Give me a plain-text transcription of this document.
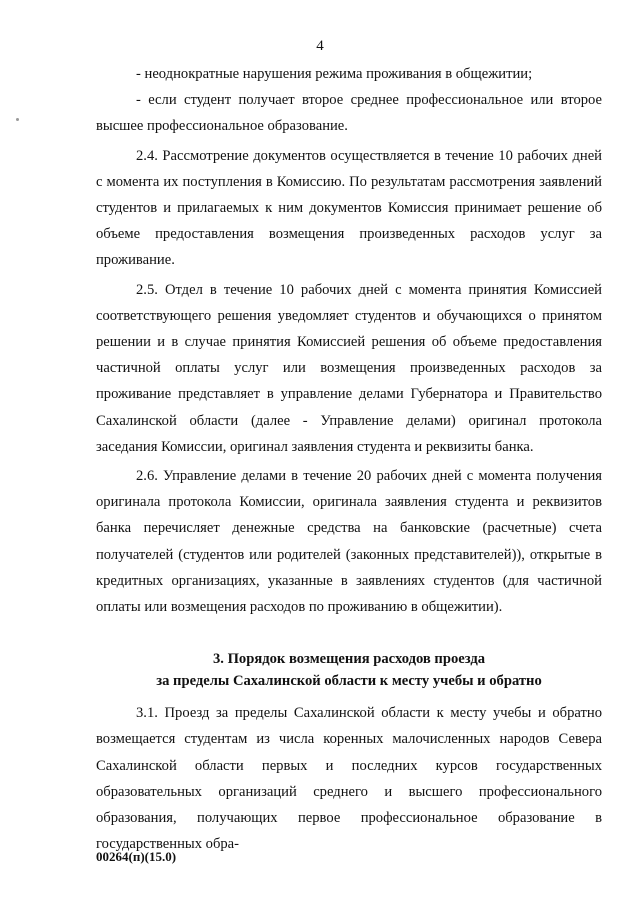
4

- неоднократные нарушения режима проживания в общежитии;

- если студент получает второе среднее профессиональное или второе высшее профессиональное образование.

2.4. Рассмотрение документов осуществляется в течение 10 рабочих дней с момента их поступления в Комиссию. По результатам рассмотрения заявлений студентов и прилагаемых к ним документов Комиссия принимает решение об объеме предоставления возмещения произведенных расходов услуг за проживание.

2.5. Отдел в течение 10 рабочих дней с момента принятия Комиссией соответствующего решения уведомляет студентов и обучающихся о принятом решении и в случае принятия Комиссией решения об объеме предоставления частичной оплаты услуг или возмещения произведенных расходов за проживание представляет в управление делами Губернатора и Правительство Сахалинской области (далее - Управление делами) оригинал протокола заседания Комиссии, оригинал заявления студента и реквизиты банка.

2.6. Управление делами в течение 20 рабочих дней с момента получения оригинала протокола Комиссии, оригинала заявления студента и реквизитов банка перечисляет денежные средства на банковские (расчетные) счета получателей (студентов или родителей (законных представителей)), открытые в кредитных организациях, указанные в заявлениях студентов (для частичной оплаты или возмещения расходов по проживанию в общежитии).

3. Порядок возмещения расходов проезда
за пределы Сахалинской области к месту учебы и обратно

3.1. Проезд за пределы Сахалинской области к месту учебы и обратно возмещается студентам из числа коренных малочисленных народов Севера Сахалинской области первых и последних курсов государственных образовательных организаций среднего и высшего профессионального образования, получающих первое профессиональное образование в государственных обра-

00264(п)(15.0)
